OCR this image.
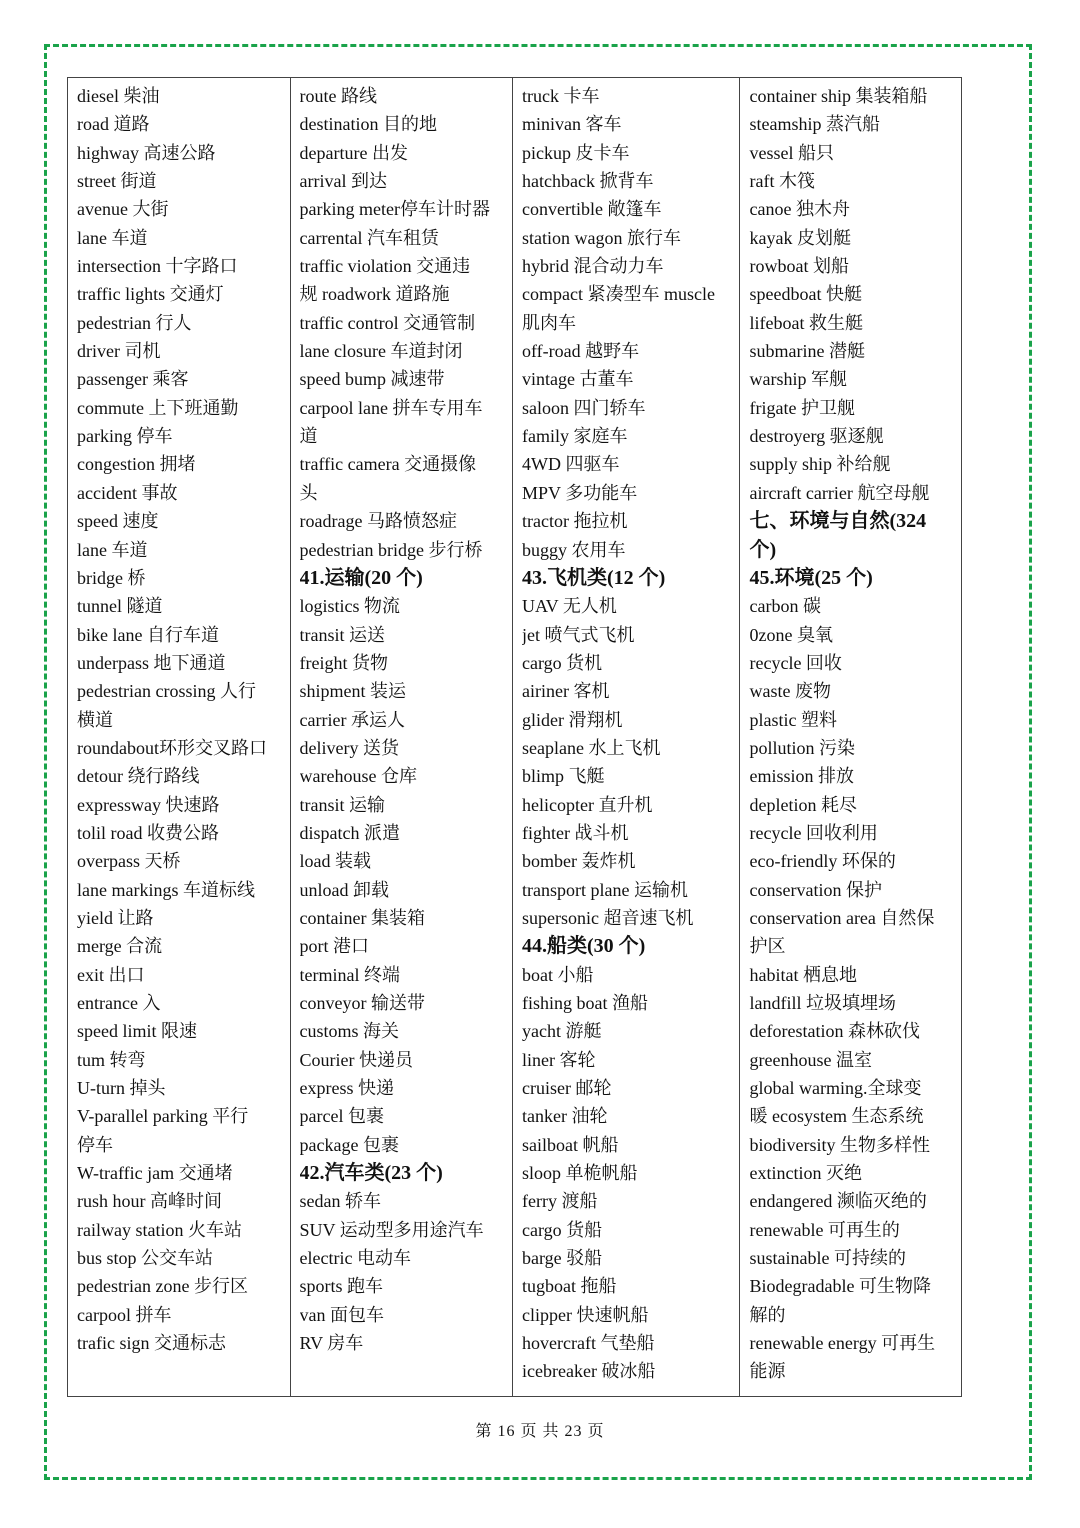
diesel 柴油
road 道路
highway 高速公路
street 街道
avenue 大街
lane 车道
intersection 十字路口
traffic lights 交通灯
pedestrian 行人
driver 司机
passenger 乘客
commute 上下班通勤
parking 停车
congestion 拥堵
accident 事故
speed 速度
lane 车道
bridge 桥
tunnel 隧道
bike lane 自行车道
underpass 地下通道
pedestrian crossing 人行
横道
roundabout环形交叉路口
detour 绕行路线
expressway 快速路
tolil road 收费公路
overpass 天桥
lane markings 车道标线
yield 让路
merge 合流
exit 出口
entrance 入
speed limit 限速
tum 转弯
U-turn 掉头
V-parallel parking 平行
停车
W-traffic jam 交通堵
rush hour 高峰时间
railway station 火车站
bus stop 公交车站
pedestrian zone 步行区
carpool 拼车
trafic sign 交通标志
route 路线
destination 目的地
departure 出发
arrival 到达
parking meter停车计时器
carrental 汽车租赁
traffic violation 交通违
规 roadwork 道路施
traffic control 交通管制
lane closure 车道封闭
speed bump 减速带
carpool lane 拼车专用车
道
traffic camera 交通摄像
头
roadrage 马路愤怒症
pedestrian bridge 步行桥
41.运输(20 个)
logistics 物流
transit 运送
freight 货物
shipment 装运
carrier 承运人
delivery 送货
warehouse 仓库
transit 运输
dispatch 派遣
load 装载
unload 卸载
container 集装箱
port 港口
terminal 终端
conveyor 输送带
customs 海关
Courier 快递员
express 快递
parcel 包裹
package 包裹
42.汽车类(23 个)
sedan 轿车
SUV 运动型多用途汽车
electric 电动车
sports 跑车
van 面包车
RV 房车
truck 卡车
minivan 客车
pickup 皮卡车
hatchback 掀背车
convertible 敞篷车
station wagon 旅行车
hybrid 混合动力车
compact 紧凑型车 muscle
肌肉车
off-road 越野车
vintage 古董车
saloon 四门轿车
family 家庭车
4WD 四驱车
MPV 多功能车
tractor 拖拉机
buggy 农用车
43.飞机类(12 个)
UAV 无人机
jet 喷气式飞机
cargo 货机
airiner 客机
glider 滑翔机
seaplane 水上飞机
blimp 飞艇
helicopter 直升机
fighter 战斗机
bomber 轰炸机
transport plane 运输机
supersonic 超音速飞机
44.船类(30 个)
boat 小船
fishing boat 渔船
yacht 游艇
liner 客轮
cruiser 邮轮
tanker 油轮
sailboat 帆船
sloop 单桅帆船
ferry 渡船
cargo 货船
barge 驳船
tugboat 拖船
clipper 快速帆船
hovercraft 气垫船
icebreaker 破冰船
container ship 集装箱船
steamship 蒸汽船
vessel 船只
raft 木筏
canoe 独木舟
kayak 皮划艇
rowboat 划船
speedboat 快艇
lifeboat 救生艇
submarine 潜艇
warship 军舰
frigate 护卫舰
destroyerg 驱逐舰
supply ship 补给舰
aircraft carrier 航空母舰
七、环境与自然(324
个)
45.环境(25 个)
carbon 碳
0zone 臭氧
recycle 回收
waste 废物
plastic 塑料
pollution 污染
emission 排放
depletion 耗尽
recycle 回收利用
eco-friendly 环保的
conservation 保护
conservation area 自然保
护区
habitat 栖息地
landfill 垃圾填埋场
deforestation 森林砍伐
greenhouse 温室
global warming.全球变
暖 ecosystem 生态系统
biodiversity 生物多样性
extinction 灭绝
endangered 濒临灭绝的
renewable 可再生的
sustainable 可持续的
Biodegradable 可生物降
解的
renewable energy 可再生
能源
第 16 页 共 23 页
